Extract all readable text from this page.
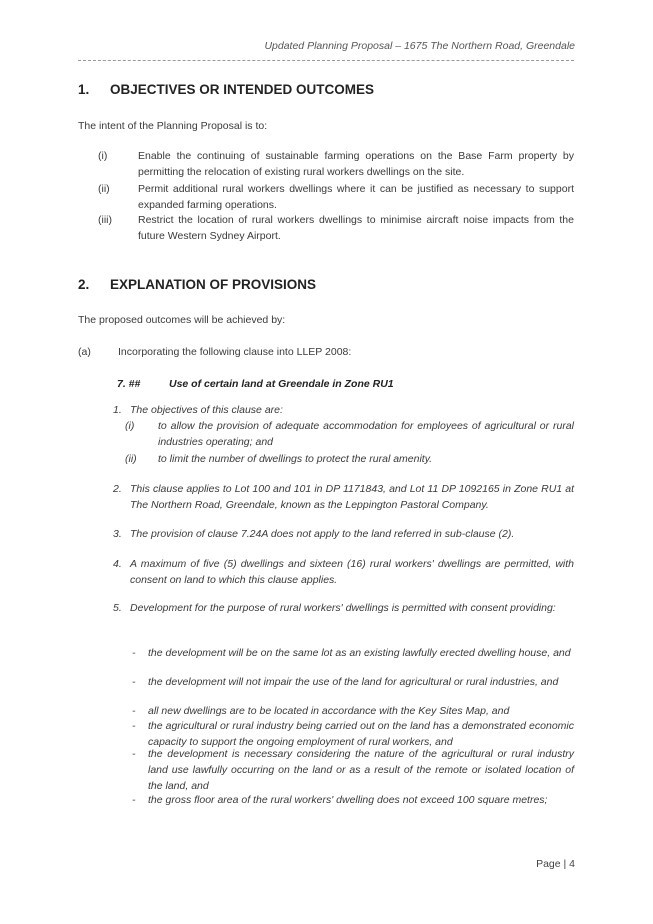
Updated Planning Proposal – 1675 The Northern Road, Greendale
1. OBJECTIVES OR INTENDED OUTCOMES
The intent of the Planning Proposal is to:
(i)	Enable the continuing of sustainable farming operations on the Base Farm property by permitting the relocation of existing rural workers dwellings on the site.
(ii)	Permit additional rural workers dwellings where it can be justified as necessary to support expanded farming operations.
(iii) Restrict the location of rural workers dwellings to minimise aircraft noise impacts from the future Western Sydney Airport.
2. EXPLANATION OF PROVISIONS
The proposed outcomes will be achieved by:
(a)	Incorporating the following clause into LLEP 2008:
7. ##	Use of certain land at Greendale in Zone RU1
1. The objectives of this clause are:
(i) to allow the provision of adequate accommodation for employees of agricultural or rural industries operating; and
(ii) to limit the number of dwellings to protect the rural amenity.
2. This clause applies to Lot 100 and 101 in DP 1171843, and Lot 11 DP 1092165 in Zone RU1 at The Northern Road, Greendale, known as the Leppington Pastoral Company.
3. The provision of clause 7.24A does not apply to the land referred in sub-clause (2).
4. A maximum of five (5) dwellings and sixteen (16) rural workers' dwellings are permitted, with consent on land to which this clause applies.
5. Development for the purpose of rural workers' dwellings is permitted with consent providing:
- the development will be on the same lot as an existing lawfully erected dwelling house, and
- the development will not impair the use of the land for agricultural or rural industries, and
- all new dwellings are to be located in accordance with the Key Sites Map, and
- the agricultural or rural industry being carried out on the land has a demonstrated economic capacity to support the ongoing employment of rural workers, and
- the development is necessary considering the nature of the agricultural or rural industry land use lawfully occurring on the land or as a result of the remote or isolated location of the land, and
- the gross floor area of the rural workers' dwelling does not exceed 100 square metres;
Page | 4
